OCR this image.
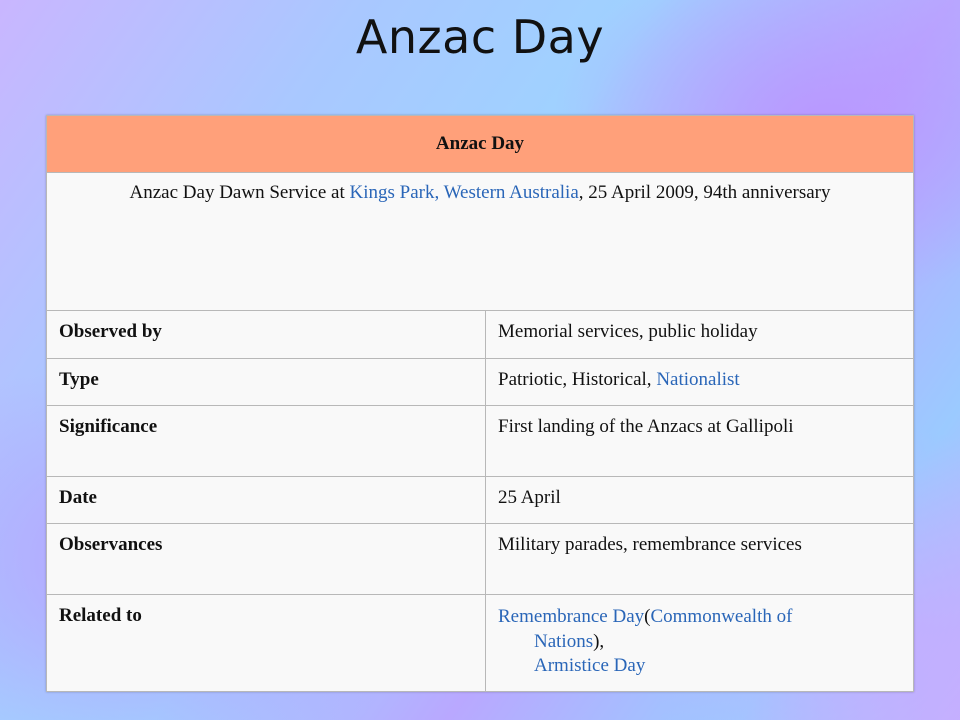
Anzac Day
Anzac Day	
Anzac Day Dawn Service at Kings Park, Western Australia, 25 April 2009, 94th anniversary	
Observed by	Memorial services, public holiday
Type	Patriotic, Historical, Nationalist
Significance	First landing of the Anzacs at Gallipoli
Date	25 April
Observances	Military parades, remembrance services
Related to	Remembrance Day(Commonwealth of
Nations),
Armistice Day
